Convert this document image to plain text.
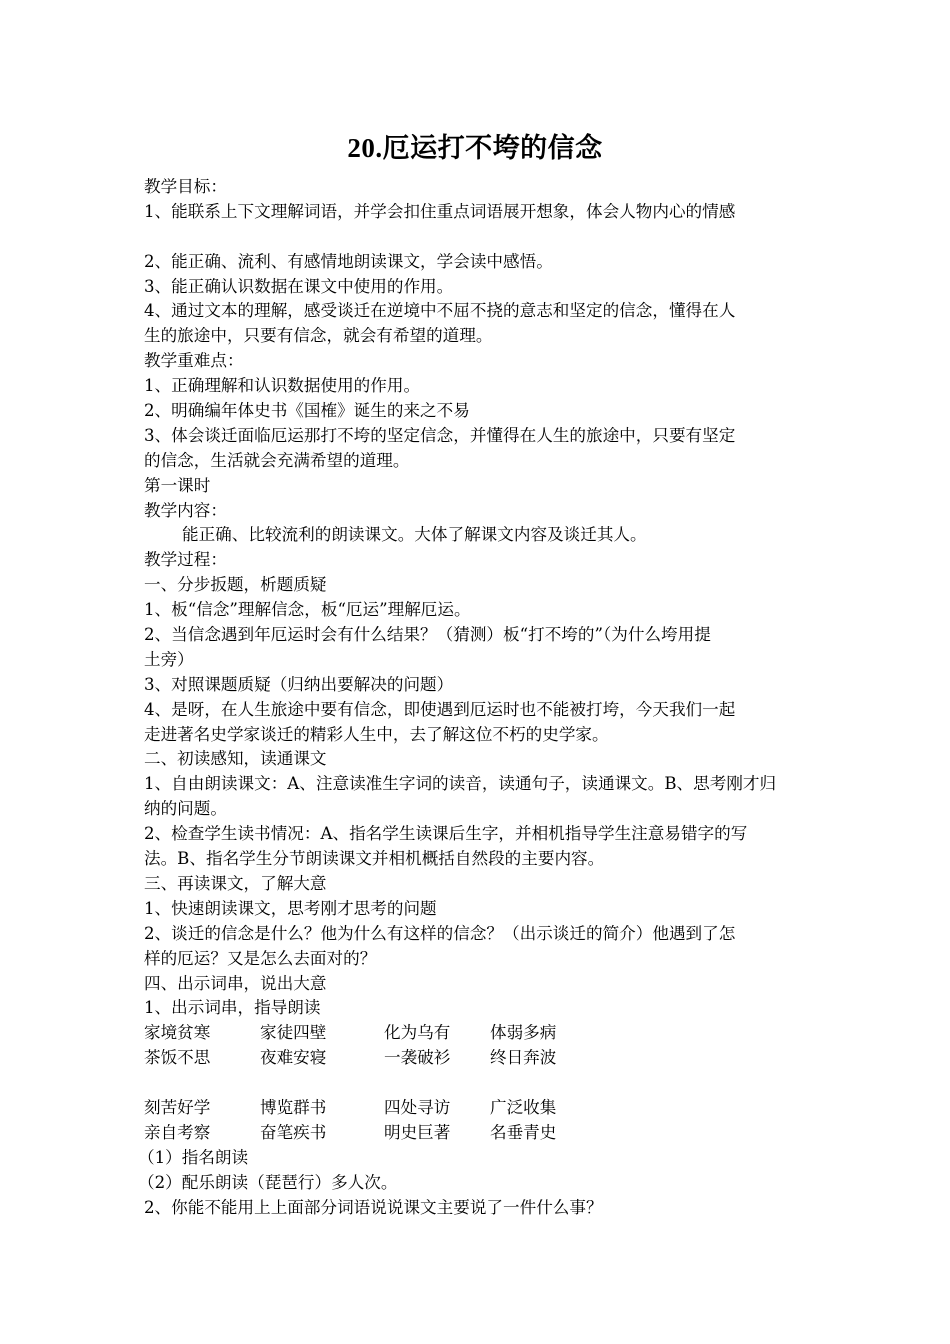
20.厄运打不垮的信念
教学目标：
1、能联系上下文理解词语，并学会扣住重点词语展开想象，体会人物内心的情感
2、能正确、流利、有感情地朗读课文，学会读中感悟。
3、能正确认识数据在课文中使用的作用。
4、通过文本的理解，感受谈迁在逆境中不屈不挠的意志和坚定的信念，懂得在人
生的旅途中，只要有信念，就会有希望的道理。
教学重难点：
1、正确理解和认识数据使用的作用。
2、明确编年体史书《国榷》诞生的来之不易
3、体会谈迁面临厄运那打不垮的坚定信念，并懂得在人生的旅途中，只要有坚定
的信念，生活就会充满希望的道理。
第一课时
教学内容：
能正确、比较流利的朗读课文。大体了解课文内容及谈迁其人。
教学过程：
一、分步扳题，析题质疑
1、板“信念”理解信念，板“厄运”理解厄运。
2、当信念遇到年厄运时会有什么结果？（猜测）板“打不垮的”（为什么垮用提
土旁）
3、对照课题质疑（归纳出要解决的问题）
4、是呀，在人生旅途中要有信念，即使遇到厄运时也不能被打垮，今天我们一起
走进著名史学家谈迁的精彩人生中，去了解这位不朽的史学家。
二、初读感知，读通课文
1、自由朗读课文：A、注意读准生字词的读音，读通句子，读通课文。B、思考刚才归
纳的问题。
2、检查学生读书情况：A、指名学生读课后生字，并相机指导学生注意易错字的写
法。B、指名学生分节朗读课文并相机概括自然段的主要内容。
三、再读课文，了解大意
1、快速朗读课文，思考刚才思考的问题
2、谈迁的信念是什么？他为什么有这样的信念？（出示谈迁的简介）他遇到了怎
样的厄运？又是怎么去面对的？
四、出示词串，说出大意
1、出示词串，指导朗读
家境贫寒	家徒四壁	化为乌有	体弱多病
茶饭不思	夜难安寝	一袭破衫	终日奔波
刻苦好学	博览群书	四处寻访	广泛收集
亲自考察	奋笔疾书	明史巨著	名垂青史
（1）指名朗读
（2）配乐朗读（琵琶行）多人次。
2、你能不能用上上面部分词语说说课文主要说了一件什么事？
